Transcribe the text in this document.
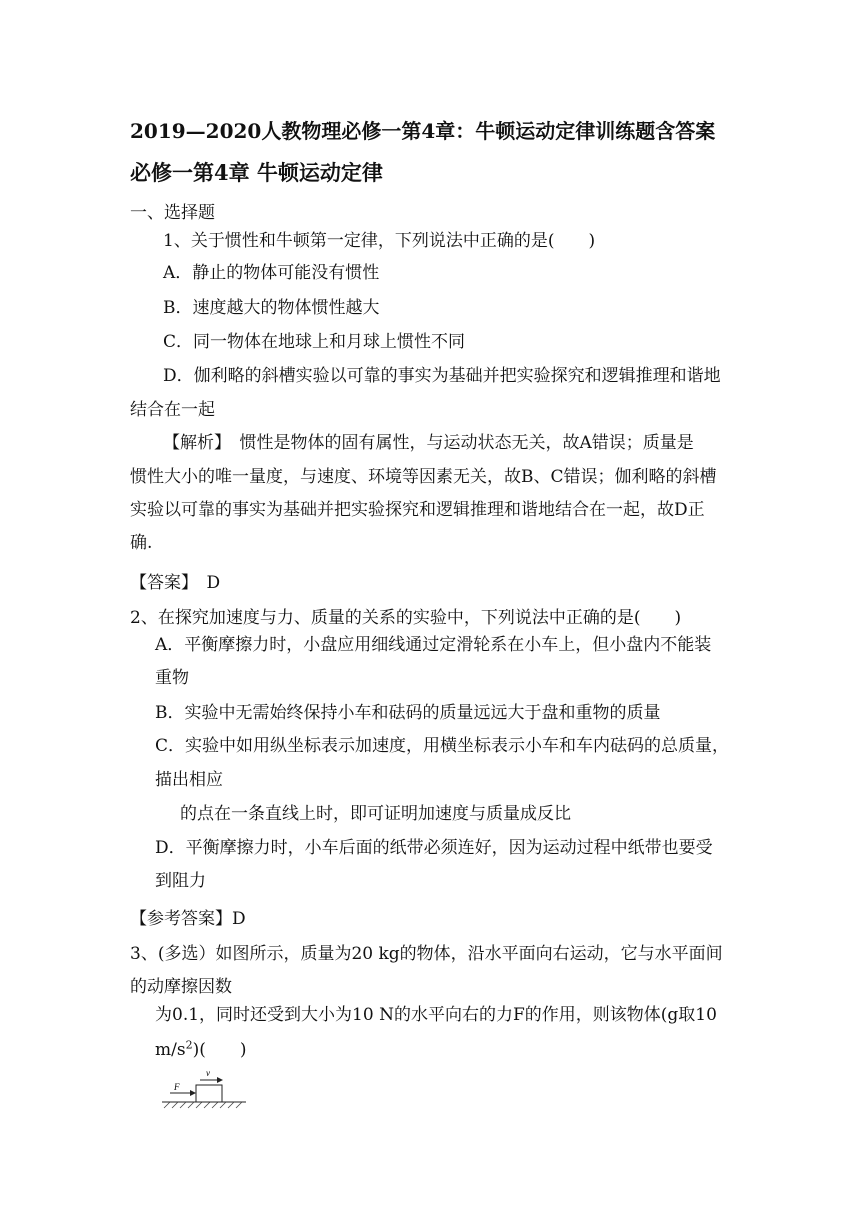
2019—2020人教物理必修一第4章：牛顿运动定律训练题含答案
必修一第4章 牛顿运动定律
一、选择题
1、关于惯性和牛顿第一定律，下列说法中正确的是(　　)
A．静止的物体可能没有惯性
B．速度越大的物体惯性越大
C．同一物体在地球上和月球上惯性不同
D．伽利略的斜槽实验以可靠的事实为基础并把实验探究和逻辑推理和谐地
结合在一起
【解析】　惯性是物体的固有属性，与运动状态无关，故A错误；质量是
惯性大小的唯一量度，与速度、环境等因素无关，故B、C错误；伽利略的斜槽
实验以可靠的事实为基础并把实验探究和逻辑推理和谐地结合在一起，故D正
确.
【答案】　D
2、在探究加速度与力、质量的关系的实验中，下列说法中正确的是(　　)
A．平衡摩擦力时，小盘应用细线通过定滑轮系在小车上，但小盘内不能装
重物
B．实验中无需始终保持小车和砝码的质量远远大于盘和重物的质量
C．实验中如用纵坐标表示加速度，用横坐标表示小车和车内砝码的总质量，
描出相应
的点在一条直线上时，即可证明加速度与质量成反比
D．平衡摩擦力时，小车后面的纸带必须连好，因为运动过程中纸带也要受
到阻力
【参考答案】D
3、(多选）如图所示，质量为20 kg的物体，沿水平面向右运动，它与水平面间
的动摩擦因数
为0.1，同时还受到大小为10 N的水平向右的力F的作用，则该物体(g取10
$m/s^2$)(　　)
F
v
